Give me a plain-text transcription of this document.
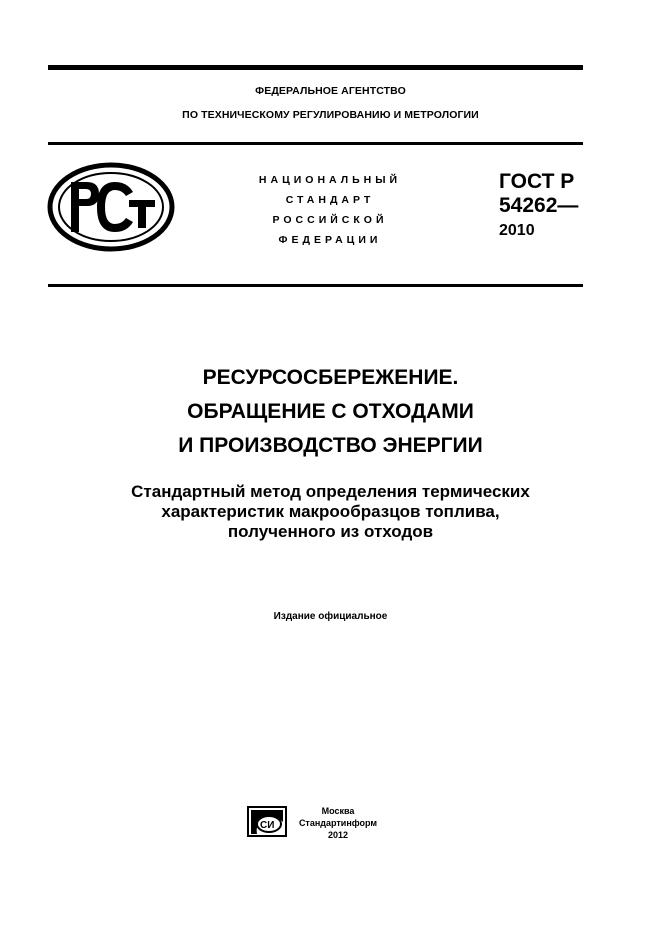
ФЕДЕРАЛЬНОЕ АГЕНТСТВО
ПО ТЕХНИЧЕСКОМУ РЕГУЛИРОВАНИЮ И МЕТРОЛОГИИ
НАЦИОНАЛЬНЫЙ
СТАНДАРТ
РОССИЙСКОЙ
ФЕДЕРАЦИИ
ГОСТ Р
54262—
2010
РЕСУРСОСБЕРЕЖЕНИЕ.
ОБРАЩЕНИЕ С ОТХОДАМИ
И ПРОИЗВОДСТВО ЭНЕРГИИ
Стандартный метод определения термических
характеристик макрообразцов топлива,
полученного из отходов
Издание официальное
СИ
Москва
Стандартинформ
2012
